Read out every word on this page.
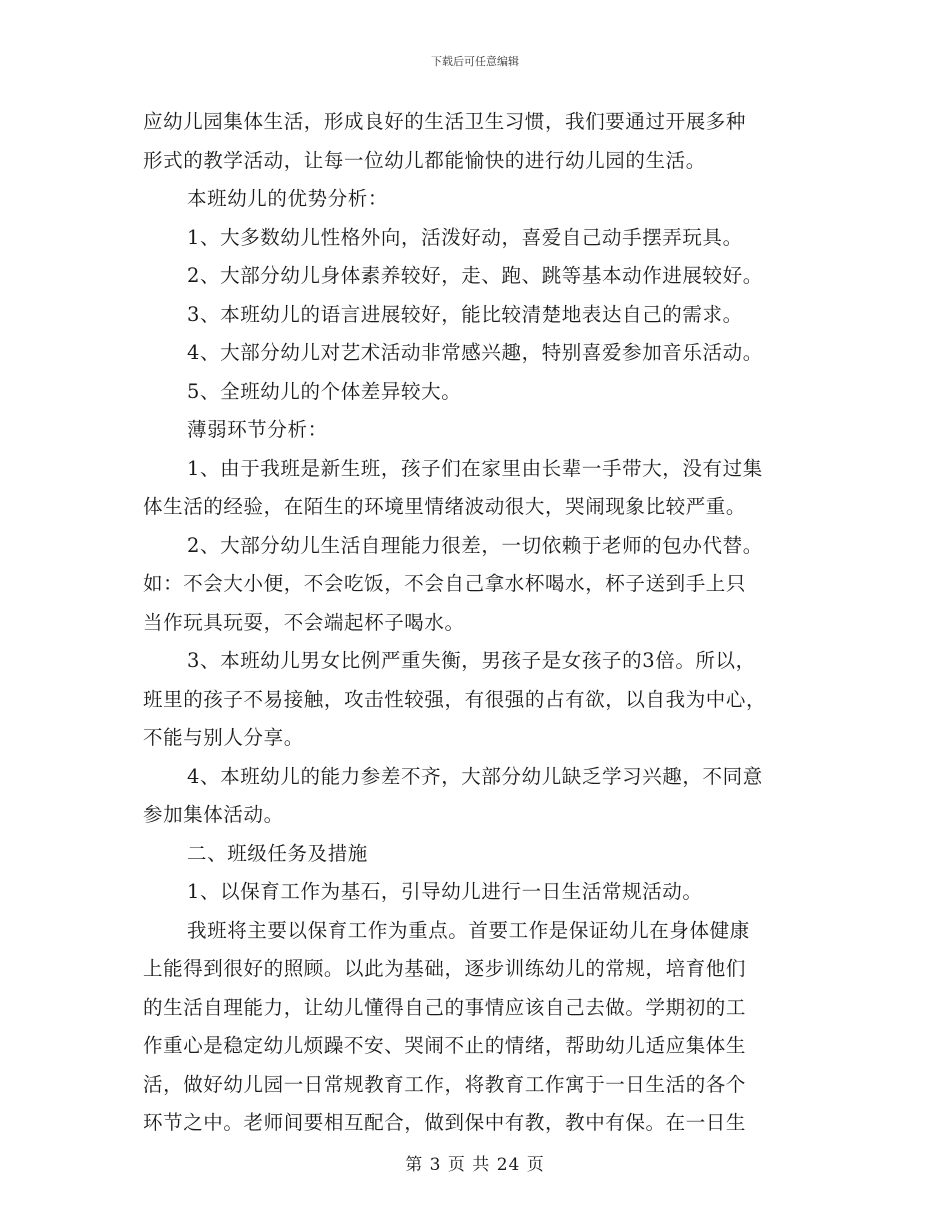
下载后可任意编辑

应幼儿园集体生活，形成良好的生活卫生习惯，我们要通过开展多种

形式的教学活动，让每一位幼儿都能愉快的进行幼儿园的生活。

本班幼儿的优势分析：

1、大多数幼儿性格外向，活泼好动，喜爱自己动手摆弄玩具。

2、大部分幼儿身体素养较好，走、跑、跳等基本动作进展较好。

3、本班幼儿的语言进展较好，能比较清楚地表达自己的需求。

4、大部分幼儿对艺术活动非常感兴趣，特别喜爱参加音乐活动。

5、全班幼儿的个体差异较大。

薄弱环节分析：

1、由于我班是新生班，孩子们在家里由长辈一手带大，没有过集

体生活的经验，在陌生的环境里情绪波动很大，哭闹现象比较严重。

2、大部分幼儿生活自理能力很差，一切依赖于老师的包办代替。

如：不会大小便，不会吃饭，不会自己拿水杯喝水，杯子送到手上只

当作玩具玩耍，不会端起杯子喝水。

3、本班幼儿男女比例严重失衡，男孩子是女孩子的3倍。所以，

班里的孩子不易接触，攻击性较强，有很强的占有欲，以自我为中心，

不能与别人分享。

4、本班幼儿的能力参差不齐，大部分幼儿缺乏学习兴趣，不同意

参加集体活动。

二、班级任务及措施

1、以保育工作为基石，引导幼儿进行一日生活常规活动。

我班将主要以保育工作为重点。首要工作是保证幼儿在身体健康

上能得到很好的照顾。以此为基础，逐步训练幼儿的常规，培育他们

的生活自理能力，让幼儿懂得自己的事情应该自己去做。学期初的工

作重心是稳定幼儿烦躁不安、哭闹不止的情绪，帮助幼儿适应集体生

活，做好幼儿园一日常规教育工作，将教育工作寓于一日生活的各个

环节之中。老师间要相互配合，做到保中有教，教中有保。在一日生

第 3 页 共 24 页
